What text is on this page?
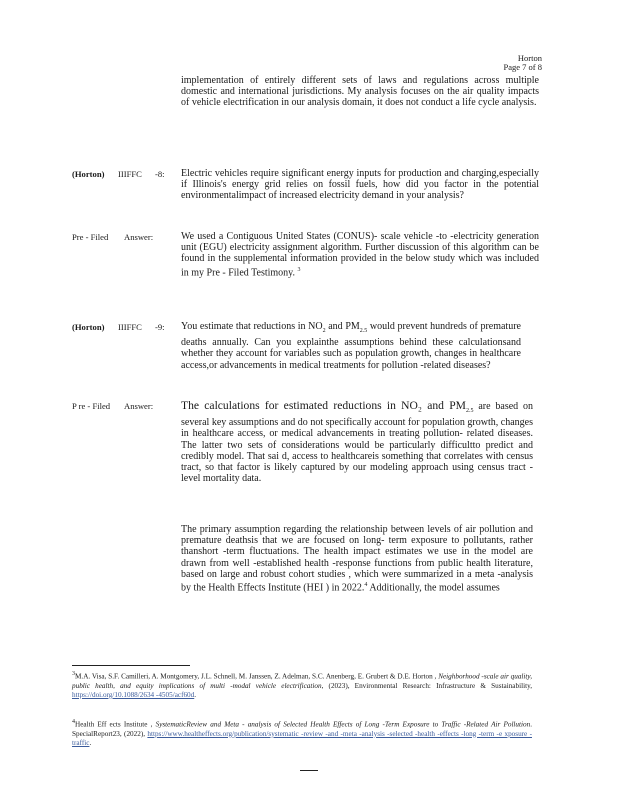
Horton
Page 7 of 8
implementation of entirely different sets of laws and regulations across multiple domestic and international jurisdictions. My analysis focuses on the air quality impacts of vehicle electrification in our analysis domain, it does not conduct a life cycle analysis.
(Horton) IIIFFC -8: Electric vehicles require significant energy inputs for production and charging,especially if Illinois's energy grid relies on fossil fuels, how did you factor in the potential environmentalimpact of increased electricity demand in your analysis?
Pre - Filed Answer:	We used a Contiguous United States (CONUS)- scale vehicle -to -electricity generation unit (EGU) electricity assignment algorithm. Further discussion of this algorithm can be found in the supplemental information provided in the below study which was included in my Pre - Filed Testimony. $^3$
(Horton) IIIFFC -9: You estimate that reductions in $NO_2$ and $PM_{2.5}$ would prevent hundreds of premature deaths annually. Can you explainthe assumptions behind these calculationsand whether they account for variables such as population growth, changes in healthcare access,or advancements in medical treatments for pollution -related diseases?
P re - Filed Answer: The calculations for estimated reductions in NO₂ and $PM_{2.5}$ are based on several key assumptions and do not specifically account for population growth, changes in healthcare access, or medical advancements in treating pollution- related diseases. The latter two sets of considerations would be particularly difficultto predict and credibly model. That sai d, access to healthcareis something that correlates with census tract, so that factor is likely captured by our modeling approach using census tract -level mortality data.
The primary assumption regarding the relationship between levels of air pollution and premature deathsis that we are focused on long- term exposure to pollutants, rather thanshort -term fluctuations. The health impact estimates we use in the model are drawn from well -established health -response functions from public health literature, based on large and robust cohort studies , which were summarized in a meta -analysis by the Health Effects Institute (HEI ) in 2022.$^4$ Additionally, the model assumes
$^3$M.A. Visa, S.F. Camilleri, A. Montgomery, J.L. Schnell, M. Janssen, Z. Adelman, S.C. Anenberg, E. Grubert & D.E. Horton , Neighborhood -scale air quality, public health, and equity implications of multi -modal vehicle electrification, (2023), Environmental Research: Infrastructure & Sustainability, https://doi.org/10.1088/2634 -4505/acf60d.
$^4$Health Eff ects Institute , SystematicReview and Meta - analysis of Selected Health Effects of Long -Term Exposure to Traffic -Related Air Pollution. SpecialReport23, (2022), https://www.healtheffects.org/publication/systematic -review -and -meta -analysis -selected -health -effects -long -term -e xposure -traffic.
